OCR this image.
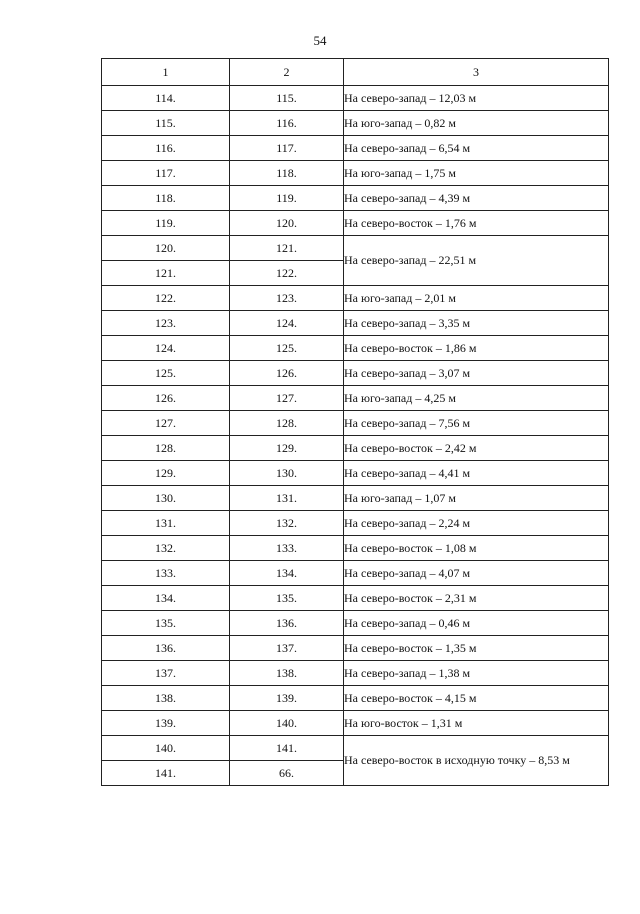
54
1	2	3
114.	115.	На северо-запад – 12,03 м
115.	116.	На юго-запад – 0,82 м
116.	117.	На северо-запад – 6,54 м
117.	118.	На юго-запад – 1,75 м
118.	119.	На северо-запад – 4,39 м
119.	120.	На северо-восток – 1,76 м
120.	121.	На северо-запад – 22,51 м
121.	122.	
122.	123.	На юго-запад – 2,01 м
123.	124.	На северо-запад – 3,35 м
124.	125.	На северо-восток – 1,86 м
125.	126.	На северо-запад – 3,07 м
126.	127.	На юго-запад – 4,25 м
127.	128.	На северо-запад – 7,56 м
128.	129.	На северо-восток – 2,42 м
129.	130.	На северо-запад – 4,41 м
130.	131.	На юго-запад – 1,07 м
131.	132.	На северо-запад – 2,24 м
132.	133.	На северо-восток – 1,08 м
133.	134.	На северо-запад – 4,07 м
134.	135.	На северо-восток – 2,31 м
135.	136.	На северо-запад – 0,46 м
136.	137.	На северо-восток – 1,35 м
137.	138.	На северо-запад – 1,38 м
138.	139.	На северо-восток – 4,15 м
139.	140.	На юго-восток – 1,31 м
140.	141.	На северо-восток в исходную точку – 8,53 м
141.	66.	
